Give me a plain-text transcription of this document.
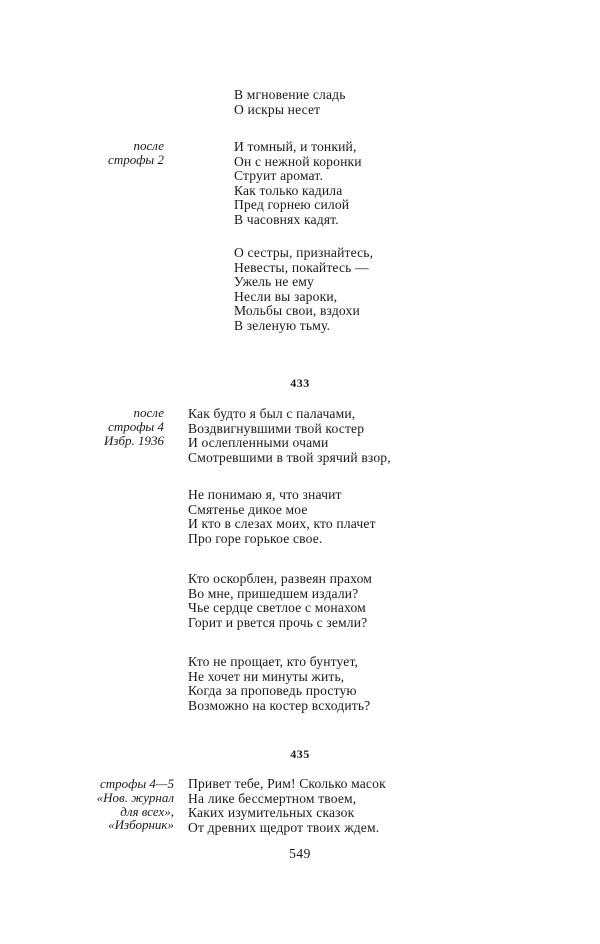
В мгновение сладь
О искры несет
после
строфы 2
И томный, и тонкий,
Он с нежной коронки
Струит аромат.
Как только кадила
Пред горнею силой
В часовнях кадят.
О сестры, признайтесь,
Невесты, покайтесь —
Ужель не ему
Несли вы зароки,
Мольбы свои, вздохи
В зеленую тьму.
433
после
строфы 4
Избр. 1936
Как будто я был с палачами,
Воздвигнувшими твой костер
И ослепленными очами
Смотревшими в твой зрячий взор,
Не понимаю я, что значит
Смятенье дикое мое
И кто в слезах моих, кто плачет
Про горе горькое свое.
Кто оскорблен, развеян прахом
Во мне, пришедшем издали?
Чье сердце светлое с монахом
Горит и рвется прочь с земли?
Кто не прощает, кто бунтует,
Не хочет ни минуты жить,
Когда за проповедь простую
Возможно на костер всходить?
435
строфы 4—5
«Нов. журнал
для всех»,
«Изборник»
Привет тебе, Рим! Сколько масок
На лике бессмертном твоем,
Каких изумительных сказок
От древних щедрот твоих ждем.
549
